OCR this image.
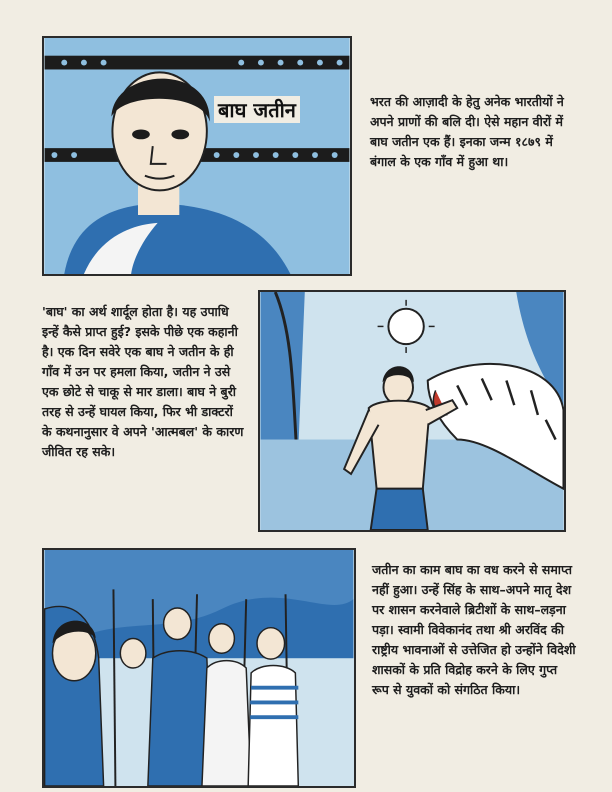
बाघ जतीन	भरत की आज़ादी के हेतु अनेक भारतीयों ने अपने प्राणों की बलि दी। ऐसे महान वीरों में बाघ जतीन एक हैं। इनका जन्म १८७९ में बंगाल के एक गाँव में हुआ था।
'बाघ' का अर्थ शार्दूल होता है। यह उपाधि इन्हें कैसे प्राप्त हुई? इसके पीछे एक कहानी है। एक दिन सवेरे एक बाघ ने जतीन के ही गाँव में उन पर हमला किया, जतीन ने उसे एक छोटे से चाकू से मार डाला। बाघ ने बुरी तरह से उन्हें घायल किया, फिर भी डाक्टरों के कथनानुसार वे अपने 'आत्मबल' के कारण जीवित रह सके।
जतीन का काम बाघ का वध करने से समाप्त नहीं हुआ। उन्हें सिंह के साथ–अपने मातृ देश पर शासन करनेवाले ब्रिटीशों के साथ–लड़ना पड़ा। स्वामी विवेकानंद तथा श्री अरविंद की राष्ट्रीय भावनाओं से उत्तेजित हो उन्होंने विदेशी शासकों के प्रति विद्रोह करने के लिए गुप्त रूप से युवकों को संगठित किया।
